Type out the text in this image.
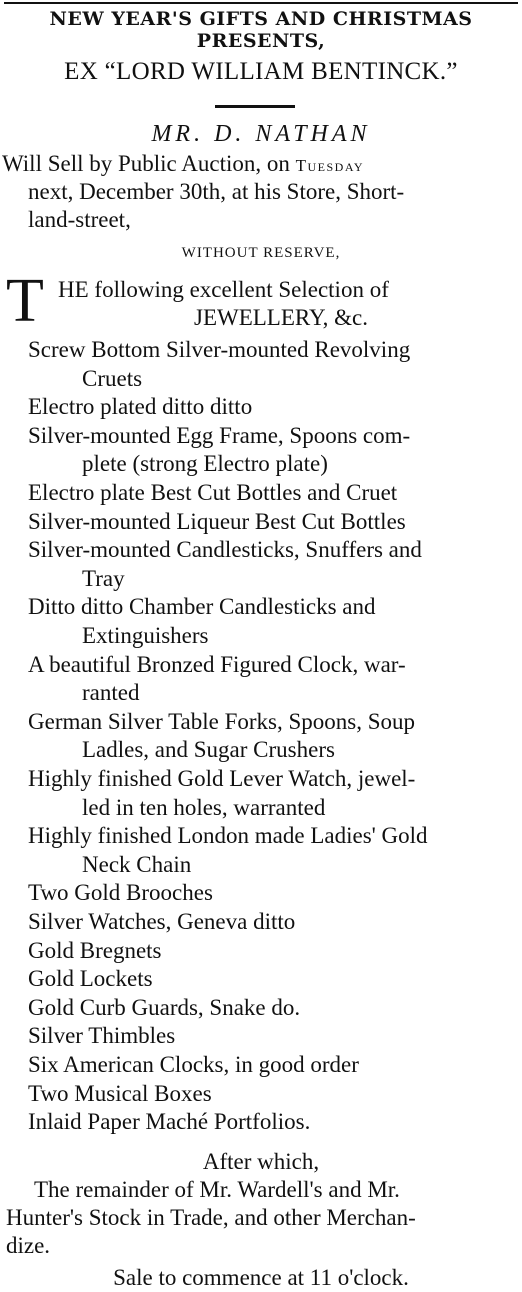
NEW YEAR'S GIFTS AND CHRISTMAS
PRESENTS,
EX “LORD WILLIAM BENTINCK.”
MR. D. NATHAN
Will Sell by Public Auction, on Tuesday
next, December 30th, at his Store, Short-
land-street,
WITHOUT RESERVE,
T HE following excellent Selection of
JEWELLERY, &c.
Screw Bottom Silver-mounted Revolving
Cruets
Electro plated ditto ditto
Silver-mounted Egg Frame, Spoons com-
plete (strong Electro plate)
Electro plate Best Cut Bottles and Cruet
Silver-mounted Liqueur Best Cut Bottles
Silver-mounted Candlesticks, Snuffers and
Tray
Ditto ditto Chamber Candlesticks and
Extinguishers
A beautiful Bronzed Figured Clock, war-
ranted
German Silver Table Forks, Spoons, Soup
Ladles, and Sugar Crushers
Highly finished Gold Lever Watch, jewel-
led in ten holes, warranted
Highly finished London made Ladies' Gold
Neck Chain
Two Gold Brooches
Silver Watches, Geneva ditto
Gold Bregnets
Gold Lockets
Gold Curb Guards, Snake do.
Silver Thimbles
Six American Clocks, in good order
Two Musical Boxes
Inlaid Paper Maché Portfolios.
After which,
The remainder of Mr. Wardell's and Mr.
Hunter's Stock in Trade, and other Merchan-
dize.
Sale to commence at 11 o'clock.
